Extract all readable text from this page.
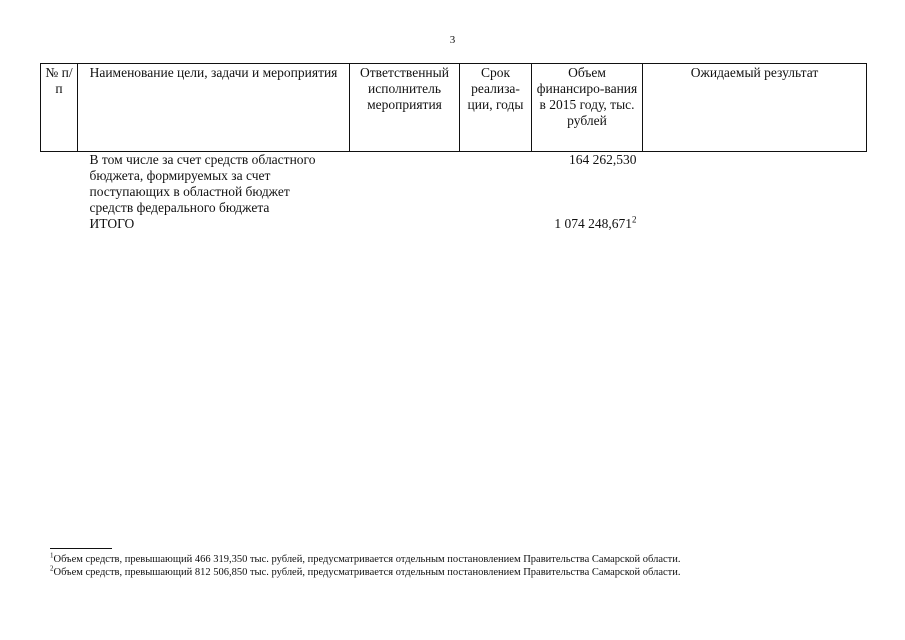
3
№ п/п	Наименование цели, задачи и мероприятия	Ответственный исполнитель мероприятия	Срок реализа-ции, годы	Объем финансиро-вания в 2015 году, тыс. рублей	Ожидаемый результат
	В том числе за счет средств областного бюджета, формируемых за счет поступающих в областной бюджет средств федерального бюджета			164 262,530	
	ИТОГО			1 074 248,671$^2$	

$^1$Объем средств, превышающий 466 319,350 тыс. рублей, предусматривается отдельным постановлением Правительства Самарской области.

$^2$Объем средств, превышающий 812 506,850 тыс. рублей, предусматривается отдельным постановлением Правительства Самарской области.
